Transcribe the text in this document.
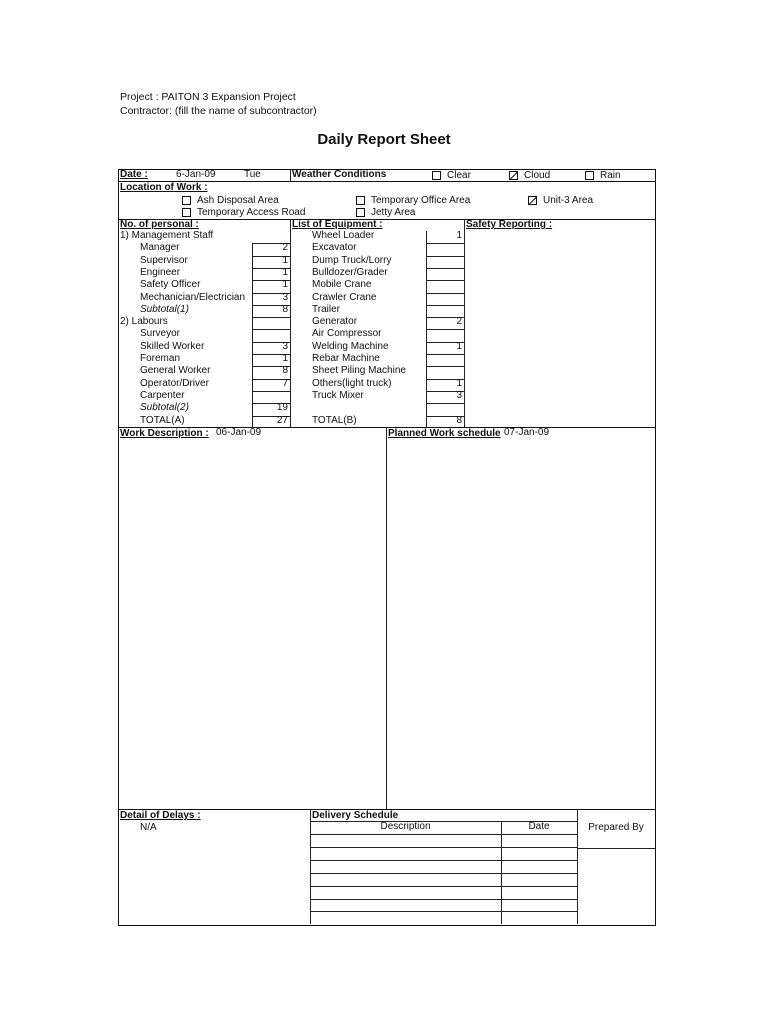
Project : PAITON 3 Expansion Project
Contractor: (fill the name of subcontractor)
Daily Report Sheet
Date :	6-Jan-09	Tue	Weather Conditions	Clear	Cloud	Rain
Location of Work :
Ash Disposal Area	Temporary Office Area	Unit-3 Area
Temporary Access Road	Jetty Area
No. of personal :	List of Equipment :	Safety Reporting :
1) Management Staff
Manager	2
Supervisor	1
Engineer	1
Safety Officer	1
Mechanician/Electrician	3
Subtotal(1)	8
2) Labours
Surveyor
Skilled Worker	3
Foreman	1
General Worker	8
Operator/Driver	7
Carpenter
Subtotal(2)	19
TOTAL(A)	27
Wheel Loader	1
Excavator
Dump Truck/Lorry
Bulldozer/Grader
Mobile Crane
Crawler Crane
Trailer
Generator	2
Air Compressor
Welding Machine	1
Rebar Machine
Sheet Piling Machine
Others(light truck)	1
Truck Mixer	3
TOTAL(B)	8
Work Description : 06-Jan-09	Planned Work schedule 07-Jan-09
Detail of Delays :
N/A
Delivery Schedule
Description	Date	Prepared By
